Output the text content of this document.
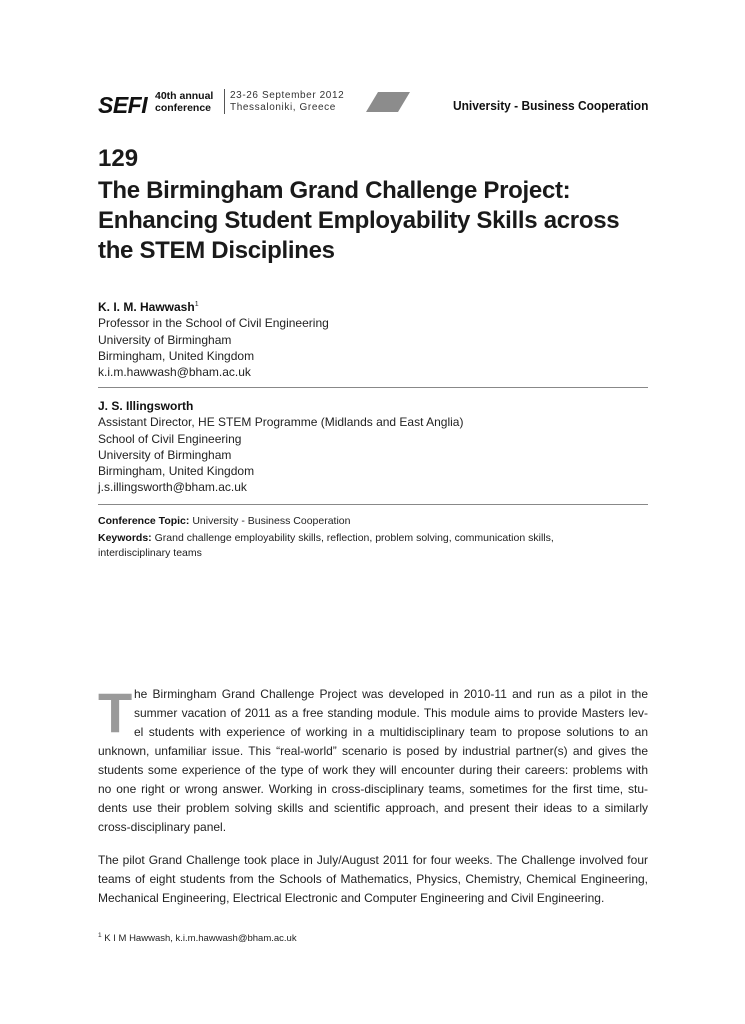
SEFI 40th annual
conference
23-26 September 2012
Thessaloniki, Greece	University - Business Cooperation
129
The Birmingham Grand Challenge Project: Enhancing Student Employability Skills across the STEM Disciplines
K. I. M. Hawwash$^1$
Professor in the School of Civil Engineering
University of Birmingham
Birmingham, United Kingdom
k.i.m.hawwash@bham.ac.uk
J. S. Illingsworth
Assistant Director, HE STEM Programme (Midlands and East Anglia)
School of Civil Engineering
University of Birmingham
Birmingham, United Kingdom
j.s.illingsworth@bham.ac.uk
Conference Topic: University - Business Cooperation
Keywords: Grand challenge employability skills, reflection, problem solving, communication skills,
interdisciplinary teams
T he Birmingham Grand Challenge Project was developed in 2010-11 and run as a pilot in the
summer vacation of 2011 as a free standing module. This module aims to provide Masters lev-
el students with experience of working in a multidisciplinary team to propose solutions to an
unknown, unfamiliar issue. This “real-world” scenario is posed by industrial partner(s) and gives the
students some experience of the type of work they will encounter during their careers: problems with
no one right or wrong answer. Working in cross-disciplinary teams, sometimes for the first time, stu-
dents use their problem solving skills and scientific approach, and present their ideas to a similarly
cross-disciplinary panel.
The pilot Grand Challenge took place in July/August 2011 for four weeks. The Challenge involved four
teams of eight students from the Schools of Mathematics, Physics, Chemistry, Chemical Engineering,
Mechanical Engineering, Electrical Electronic and Computer Engineering and Civil Engineering.
$^1$ K I M Hawwash, k.i.m.hawwash@bham.ac.uk
